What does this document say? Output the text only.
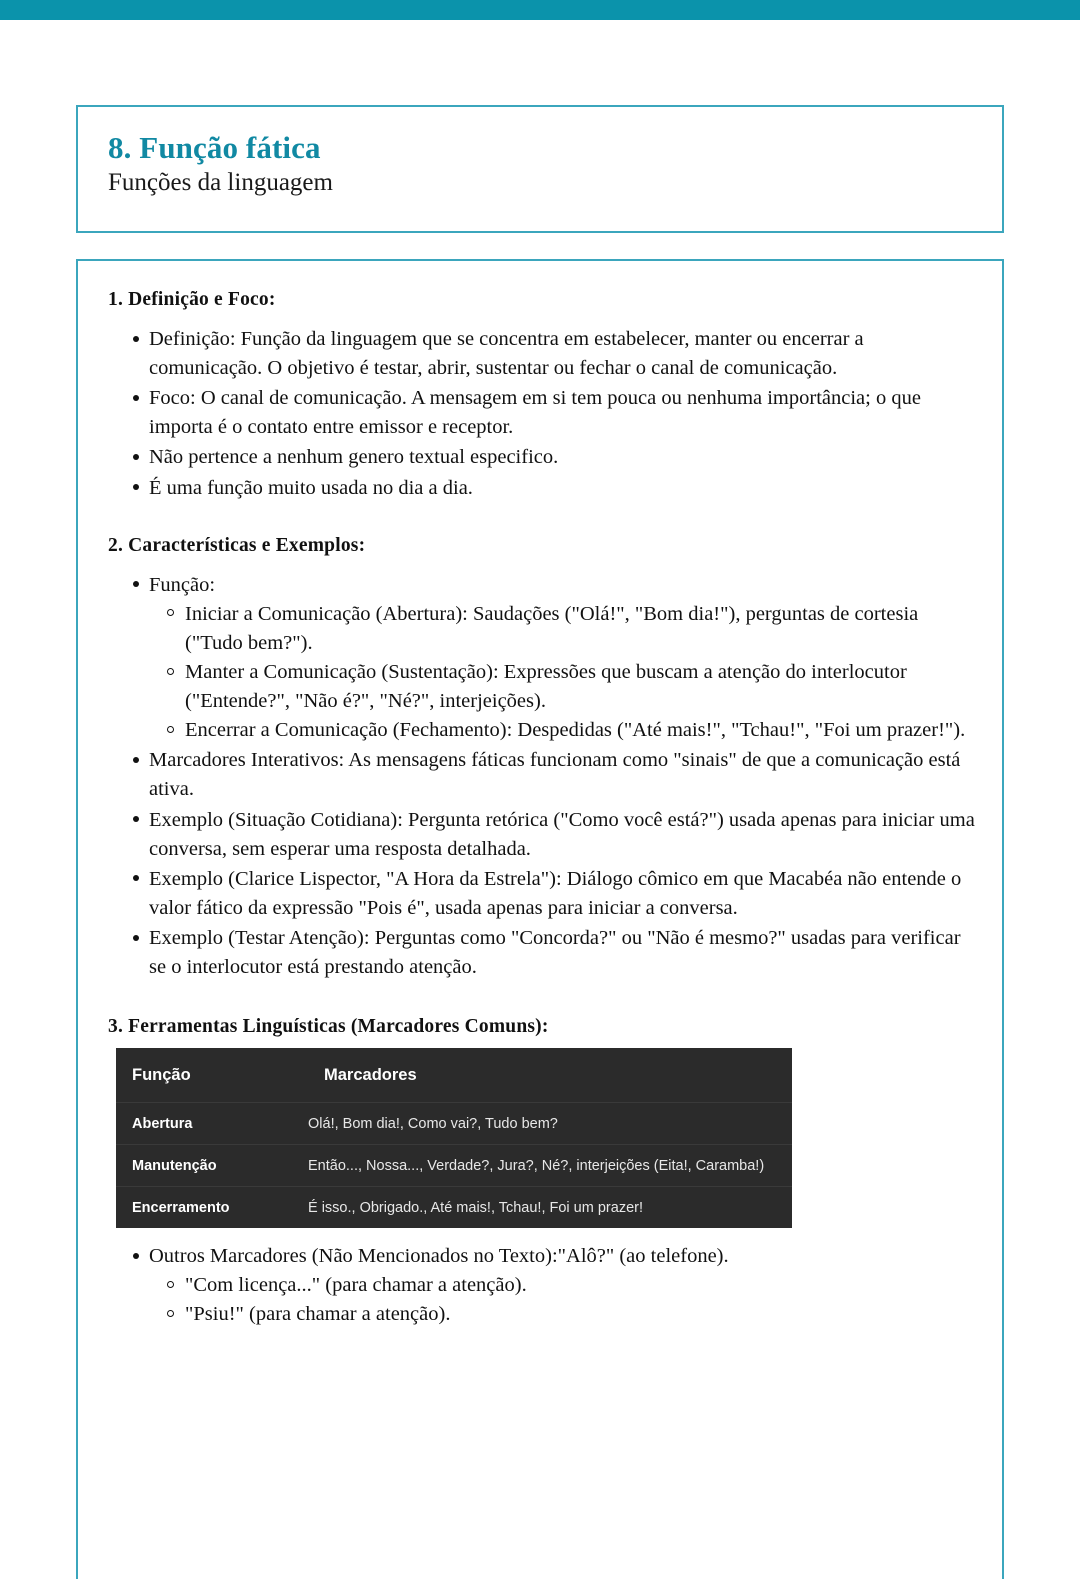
8. Função fática
Funções da linguagem
1. Definição e Foco:
Definição: Função da linguagem que se concentra em estabelecer, manter ou encerrar a comunicação. O objetivo é testar, abrir, sustentar ou fechar o canal de comunicação.
Foco: O canal de comunicação. A mensagem em si tem pouca ou nenhuma importância; o que importa é o contato entre emissor e receptor.
Não pertence a nenhum genero textual especifico.
É uma função muito usada no dia a dia.
2. Características e Exemplos:
Função:
Iniciar a Comunicação (Abertura): Saudações ("Olá!", "Bom dia!"), perguntas de cortesia ("Tudo bem?").
Manter a Comunicação (Sustentação): Expressões que buscam a atenção do interlocutor ("Entende?", "Não é?", "Né?", interjeições).
Encerrar a Comunicação (Fechamento): Despedidas ("Até mais!", "Tchau!", "Foi um prazer!").
Marcadores Interativos: As mensagens fáticas funcionam como "sinais" de que a comunicação está ativa.
Exemplo (Situação Cotidiana): Pergunta retórica ("Como você está?") usada apenas para iniciar uma conversa, sem esperar uma resposta detalhada.
Exemplo (Clarice Lispector, "A Hora da Estrela"): Diálogo cômico em que Macabéa não entende o valor fático da expressão "Pois é", usada apenas para iniciar a conversa.
Exemplo (Testar Atenção): Perguntas como "Concorda?" ou "Não é mesmo?" usadas para verificar se o interlocutor está prestando atenção.
3. Ferramentas Linguísticas (Marcadores Comuns):
Função	Marcadores
Abertura	Olá!, Bom dia!, Como vai?, Tudo bem?
Manutenção	Então..., Nossa..., Verdade?, Jura?, Né?, interjeições (Eita!, Caramba!)
Encerramento	É isso., Obrigado., Até mais!, Tchau!, Foi um prazer!
Outros Marcadores (Não Mencionados no Texto):"Alô?" (ao telefone).
"Com licença..." (para chamar a atenção).
"Psiu!" (para chamar a atenção).
